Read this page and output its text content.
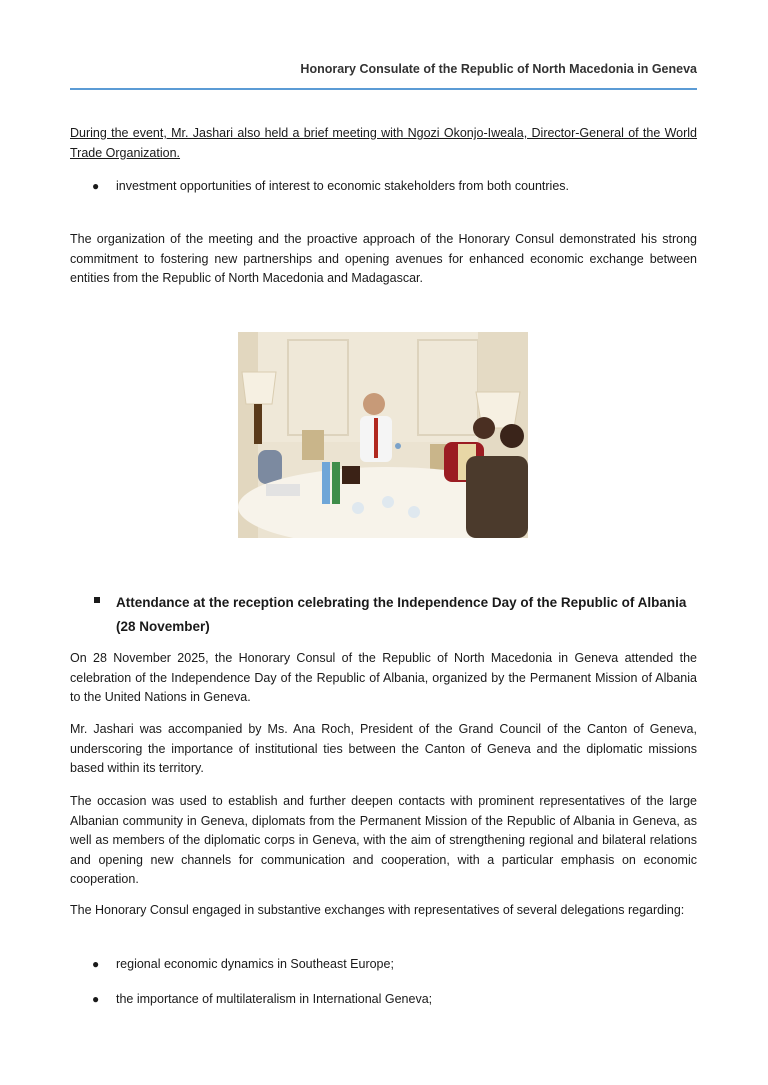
Honorary Consulate of the Republic of North Macedonia in Geneva
During the event, Mr. Jashari also held a brief meeting with Ngozi Okonjo-Iweala, Director-General of the World Trade Organization.
● investment opportunities of interest to economic stakeholders from both countries.
The organization of the meeting and the proactive approach of the Honorary Consul demonstrated his strong commitment to fostering new partnerships and opening avenues for enhanced economic exchange between entities from the Republic of North Macedonia and Madagascar.
Attendance at the reception celebrating the Independence Day of the Republic of Albania (28 November)
On 28 November 2025, the Honorary Consul of the Republic of North Macedonia in Geneva attended the celebration of the Independence Day of the Republic of Albania, organized by the Permanent Mission of Albania to the United Nations in Geneva.
Mr. Jashari was accompanied by Ms. Ana Roch, President of the Grand Council of the Canton of Geneva, underscoring the importance of institutional ties between the Canton of Geneva and the diplomatic missions based within its territory.
The occasion was used to establish and further deepen contacts with prominent representatives of the large Albanian community in Geneva, diplomats from the Permanent Mission of the Republic of Albania in Geneva, as well as members of the diplomatic corps in Geneva, with the aim of strengthening regional and bilateral relations and opening new channels for communication and cooperation, with a particular emphasis on economic cooperation.
The Honorary Consul engaged in substantive exchanges with representatives of several delegations regarding:
● regional economic dynamics in Southeast Europe;
● the importance of multilateralism in International Geneva;
